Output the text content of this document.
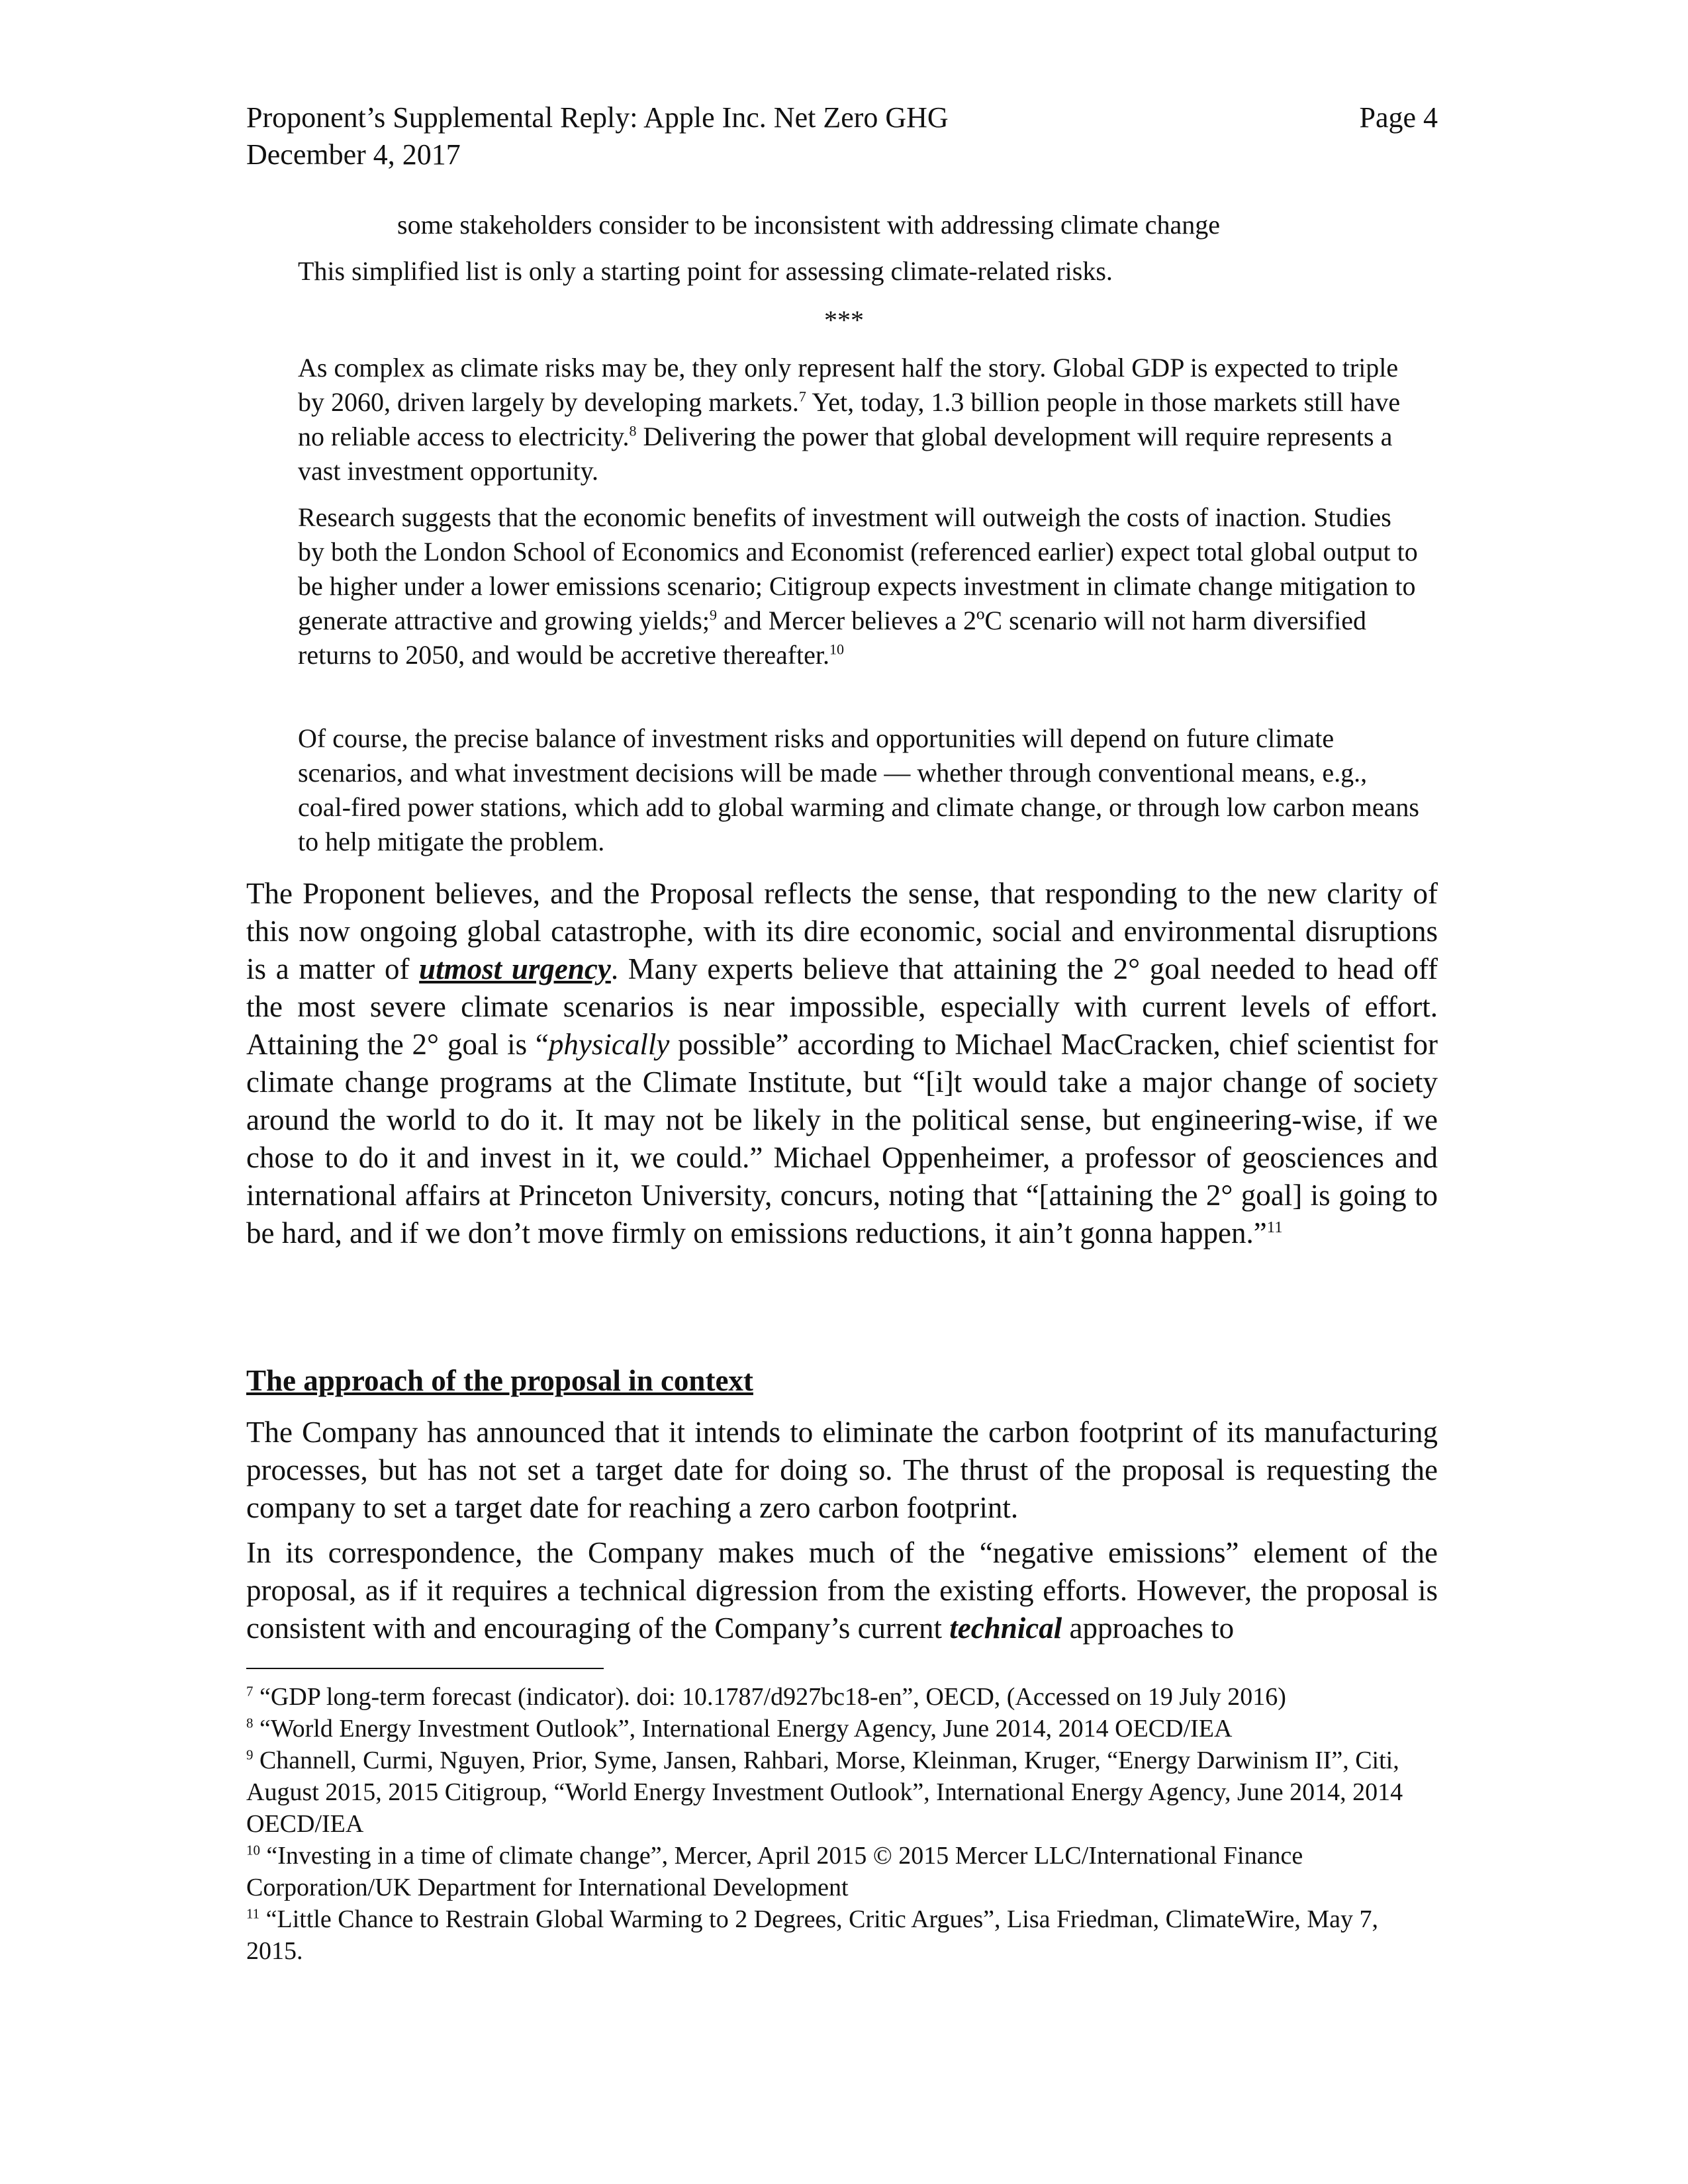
Proponent’s Supplemental Reply: Apple Inc. Net Zero GHG
December 4, 2017
Page 4
some stakeholders consider to be inconsistent with addressing climate change

This simplified list is only a starting point for assessing climate-related risks.

***

As complex as climate risks may be, they only represent half the story. Global GDP is expected to triple by 2060, driven largely by developing markets.$^7$ Yet, today, 1.3 billion people in those markets still have no reliable access to electricity.$^8$ Delivering the power that global development will require represents a vast investment opportunity.

Research suggests that the economic benefits of investment will outweigh the costs of inaction. Studies by both the London School of Economics and Economist (referenced earlier) expect total global output to be higher under a lower emissions scenario; Citigroup expects investment in climate change mitigation to generate attractive and growing yields;$^9$ and Mercer believes a 2ºC scenario will not harm diversified returns to 2050, and would be accretive thereafter.$^{10}$

Of course, the precise balance of investment risks and opportunities will depend on future climate scenarios, and what investment decisions will be made — whether through conventional means, e.g., coal-fired power stations, which add to global warming and climate change, or through low carbon means to help mitigate the problem.

The Proponent believes, and the Proposal reflects the sense, that responding to the new clarity of this now ongoing global catastrophe, with its dire economic, social and environmental disruptions is a matter of utmost urgency. Many experts believe that attaining the 2° goal needed to head off the most severe climate scenarios is near impossible, especially with current levels of effort. Attaining the 2° goal is “physically possible” according to Michael MacCracken, chief scientist for climate change programs at the Climate Institute, but “[i]t would take a major change of society around the world to do it. It may not be likely in the political sense, but engineering-wise, if we chose to do it and invest in it, we could.” Michael Oppenheimer, a professor of geosciences and international affairs at Princeton University, concurs, noting that “[attaining the 2° goal] is going to be hard, and if we don’t move firmly on emissions reductions, it ain’t gonna happen.”$^{11}$

The approach of the proposal in context

The Company has announced that it intends to eliminate the carbon footprint of its manufacturing processes, but has not set a target date for doing so. The thrust of the proposal is requesting the company to set a target date for reaching a zero carbon footprint.

In its correspondence, the Company makes much of the “negative emissions” element of the proposal, as if it requires a technical digression from the existing efforts. However, the proposal is consistent with and encouraging of the Company’s current technical approaches to

$^7$ “GDP long-term forecast (indicator). doi: 10.1787/d927bc18-en”, OECD, (Accessed on 19 July 2016)

$^8$ “World Energy Investment Outlook”, International Energy Agency, June 2014, 2014 OECD/IEA

$^9$ Channell, Curmi, Nguyen, Prior, Syme, Jansen, Rahbari, Morse, Kleinman, Kruger, “Energy Darwinism II”, Citi, August 2015, 2015 Citigroup, “World Energy Investment Outlook”, International Energy Agency, June 2014, 2014 OECD/IEA

$^{10}$ “Investing in a time of climate change”, Mercer, April 2015 © 2015 Mercer LLC/International Finance Corporation/UK Department for International Development

$^{11}$ “Little Chance to Restrain Global Warming to 2 Degrees, Critic Argues”, Lisa Friedman, ClimateWire, May 7, 2015.
